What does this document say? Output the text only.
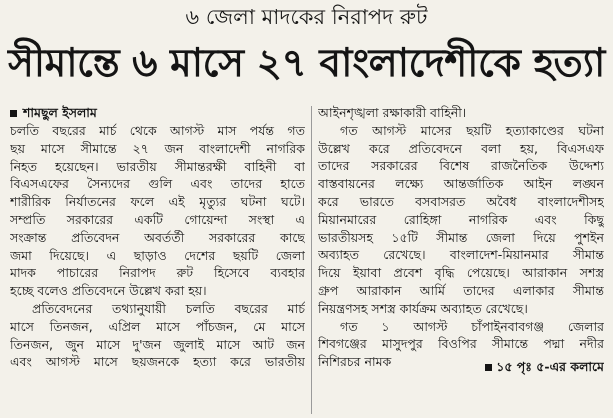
৬ জেলা মাদকের নিরাপদ রুট
সীমান্তে ৬ মাসে ২৭ বাংলাদেশীকে হত্যা
শামছুল ইসলাম
চলতি বছরের মার্চ থেকে আগস্ট মাস পর্যন্ত গত
ছয় মাসে সীমান্তে ২৭ জন বাংলাদেশী নাগরিক
নিহত হয়েছেন। ভারতীয় সীমান্তরক্ষী বাহিনী বা
বিএসএফের সৈন্যদের গুলি এবং তাদের হাতে
শারীরিক নির্যাতনের ফলে এই মৃত্যুর ঘটনা ঘটে।
সম্প্রতি সরকারের একটি গোয়েন্দা সংস্থা এ
সংক্রান্ত প্রতিবেদন অবর্তর্তী সরকারের কাছে
জমা দিয়েছে। এ ছাড়াও দেশের ছয়টি জেলা
মাদক পাচারের নিরাপদ রুট হিসেবে ব্যবহার
হচ্ছে বলেও প্রতিবেদনে উল্লেখ করা হয়।
প্রতিবেদনের তথ্যানুযায়ী চলতি বছরের মার্চ
মাসে তিনজন, এপ্রিল মাসে পাঁচজন, মে মাসে
তিনজন, জুন মাসে দু'জন জুলাই মাসে আট জন
এবং আগস্ট মাসে ছয়জনকে হত্যা করে ভারতীয়
আইনশৃঙ্খলা রক্ষাকারী বাহিনী।
গত আগস্ট মাসের ছয়টি হত্যাকাণ্ডের ঘটনা
উল্লেখ করে প্রতিবেদনে বলা হয়, বিএসএফ
তাদের সরকারের বিশেষ রাজনৈতিক উদ্দেশ্য
বাস্তবায়নের লক্ষ্যে আন্তর্জাতিক আইন লঙ্ঘন
করে ভারতে বসবাসরত অবৈধ বাংলাদেশীসহ
মিয়ানমারের রোহিঙ্গা নাগরিক এবং কিছু
ভারতীয়সহ ১৫টি সীমান্ত জেলা দিয়ে পুশইন
অব্যাহত রেখেছে। বাংলাদেশ-মিয়ানমার সীমান্ত
দিয়ে ইয়াবা প্রবেশ বৃদ্ধি পেয়েছে। আরাকান সশস্ত্র
গ্রুপ আরাকান আর্মি তাদের এলাকার সীমান্ত
নিয়ন্ত্রণসহ সশস্ত্র কার্যক্রম অব্যাহত রেখেছে।
গত ১ আগস্ট চাঁপাইনবাবগঞ্জ জেলার
শিবগঞ্জের মাসুদপুর বিওপির সীমান্তে পদ্মা নদীর
নিশিরচর নামক	১৫ পৃঃ ৫-এর কলামে
